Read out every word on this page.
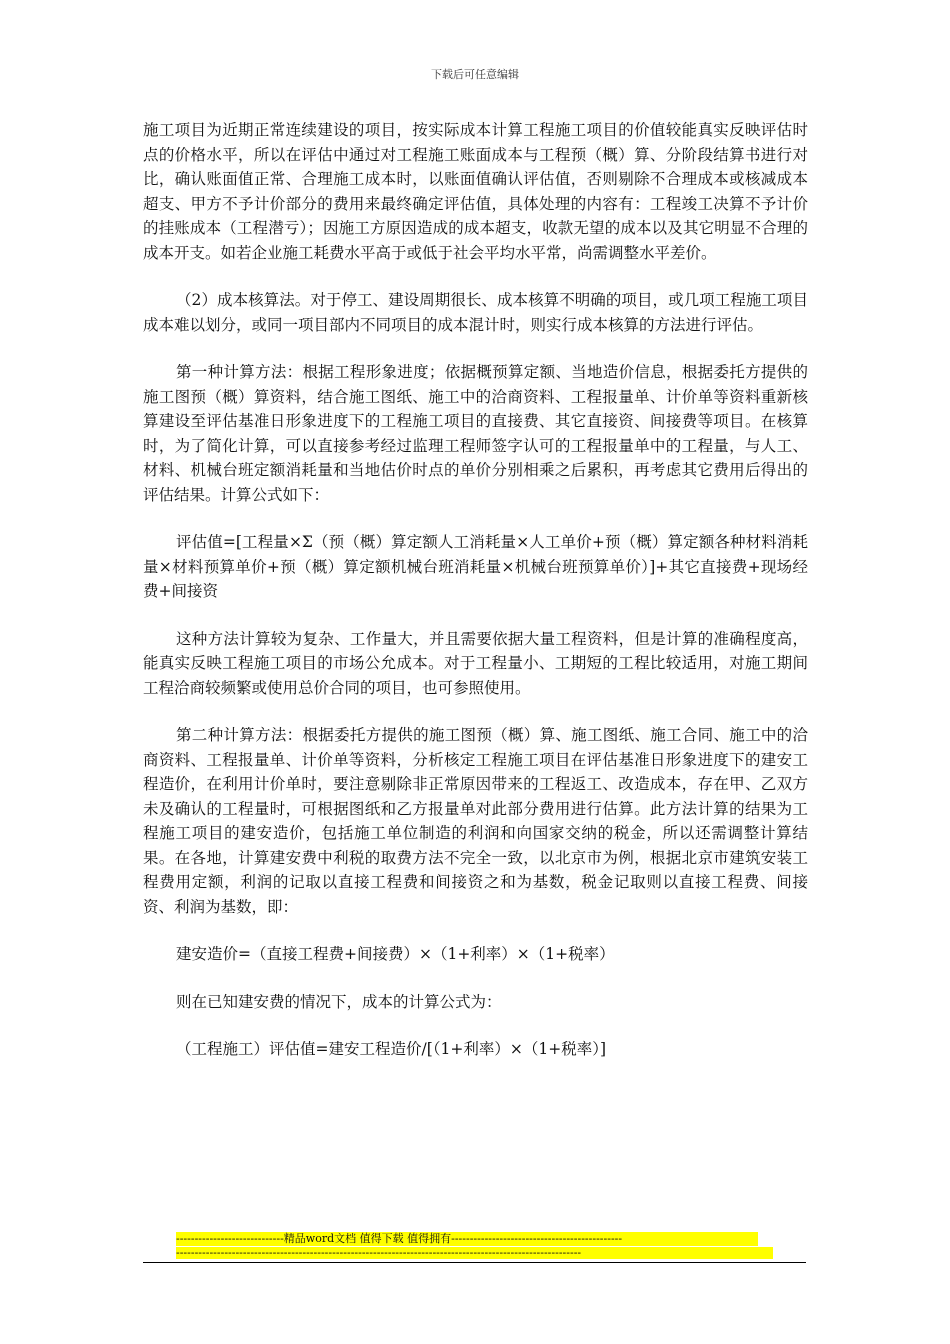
下载后可任意编辑

施工项目为近期正常连续建设的项目，按实际成本计算工程施工项目的价值较能真实反映评估时点的价格水平，所以在评估中通过对工程施工账面成本与工程预（概）算、分阶段结算书进行对比，确认账面值正常、合理施工成本时，以账面值确认评估值，否则剔除不合理成本或核减成本超支、甲方不予计价部分的费用来最终确定评估值，具体处理的内容有：工程竣工决算不予计价的挂账成本（工程潜亏）；因施工方原因造成的成本超支，收款无望的成本以及其它明显不合理的成本开支。如若企业施工耗费水平高于或低于社会平均水平常，尚需调整水平差价。

（2）成本核算法。对于停工、建设周期很长、成本核算不明确的项目，或几项工程施工项目成本难以划分，或同一项目部内不同项目的成本混计时，则实行成本核算的方法进行评估。

第一种计算方法：根据工程形象进度；依据概预算定额、当地造价信息，根据委托方提供的施工图预（概）算资料，结合施工图纸、施工中的洽商资料、工程报量单、计价单等资料重新核算建设至评估基准日形象进度下的工程施工项目的直接费、其它直接资、间接费等项目。在核算时，为了简化计算，可以直接参考经过监理工程师签字认可的工程报量单中的工程量，与人工、材料、机械台班定额消耗量和当地估价时点的单价分别相乘之后累积，再考虑其它费用后得出的评估结果。计算公式如下：

评估值=[工程量×Σ（预（概）算定额人工消耗量×人工单价+预（概）算定额各种材料消耗量×材料预算单价+预（概）算定额机械台班消耗量×机械台班预算单价）]+其它直接费+现场经费+间接资

这种方法计算较为复杂、工作量大，并且需要依据大量工程资料，但是计算的准确程度高，能真实反映工程施工项目的市场公允成本。对于工程量小、工期短的工程比较适用，对施工期间工程洽商较频繁或使用总价合同的项目，也可参照使用。

第二种计算方法：根据委托方提供的施工图预（概）算、施工图纸、施工合同、施工中的洽商资料、工程报量单、计价单等资料，分析核定工程施工项目在评估基准日形象进度下的建安工程造价，在利用计价单时，要注意剔除非正常原因带来的工程返工、改造成本，存在甲、乙双方未及确认的工程量时，可根据图纸和乙方报量单对此部分费用进行估算。此方法计算的结果为工程施工项目的建安造价，包括施工单位制造的利润和向国家交纳的税金，所以还需调整计算结果。在各地，计算建安费中利税的取费方法不完全一致，以北京市为例，根据北京市建筑安装工程费用定额，利润的记取以直接工程费和间接资之和为基数，税金记取则以直接工程费、间接资、利润为基数，即：

建安造价=（直接工程费+间接费）×（1+利率）×（1+税率）

则在已知建安费的情况下，成本的计算公式为：

（工程施工）评估值=建安工程造价/[（1+利率）×（1+税率）]

-----------------------------精品word文档 值得下载 值得拥有----------------------------------------------
-------------------------------------------------------------------------------------------------------------
